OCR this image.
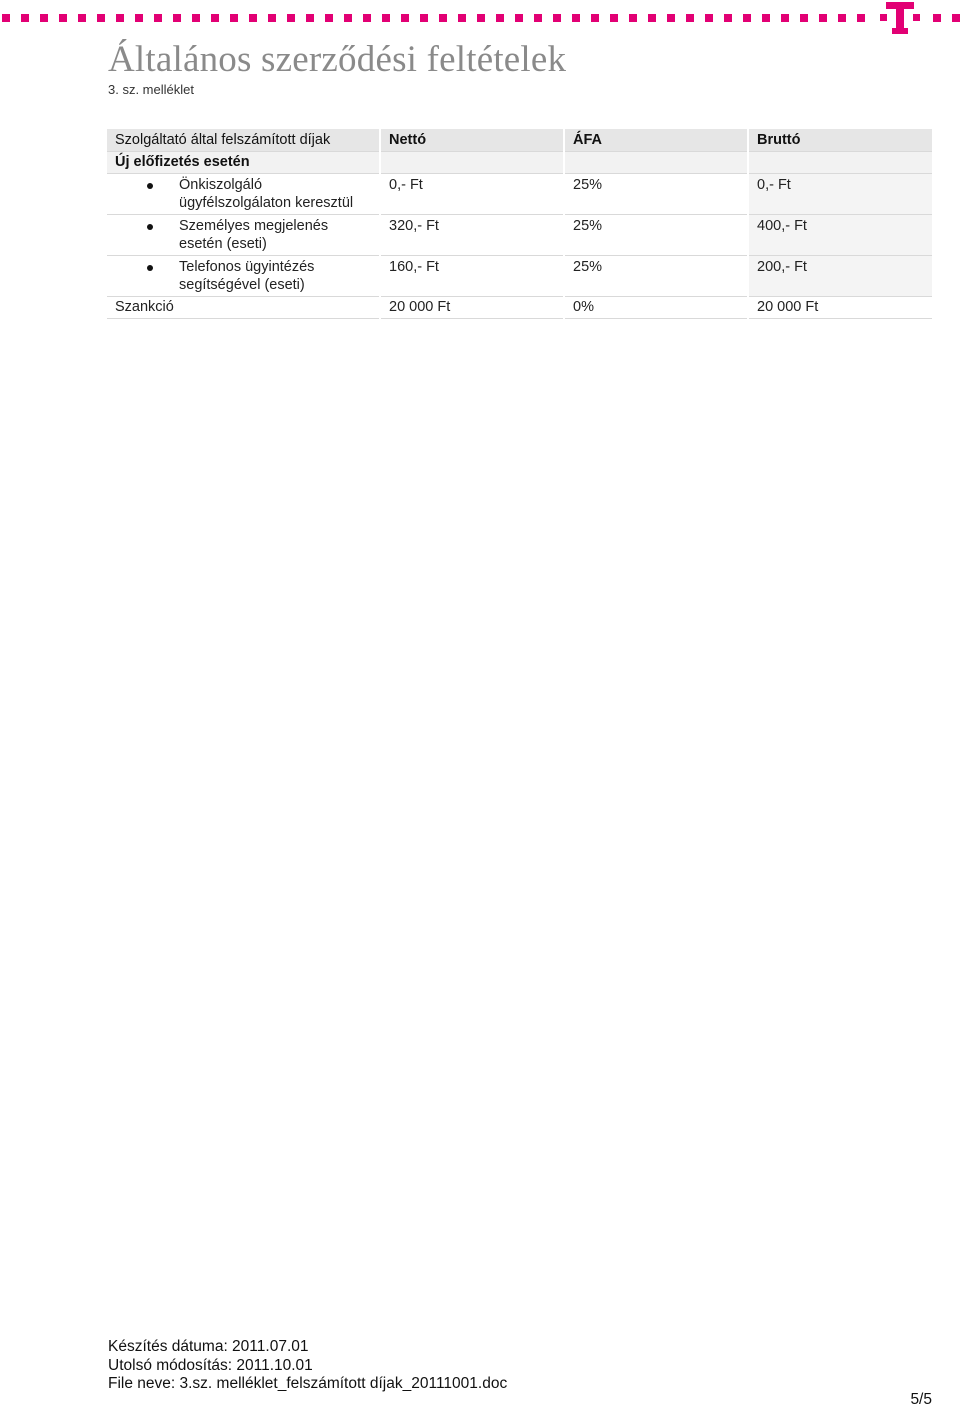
Általános szerződési feltételek
3. sz. melléklet
Szolgáltató által felszámított díjak	Nettó	ÁFA	Bruttó
Új előfizetés esetén			

Önkiszolgáló
ügyfélszolgálaton keresztül	0,- Ft	25%	0,- Ft

Személyes megjelenés
esetén (eseti)	320,- Ft	25%	400,- Ft

Telefonos ügyintézés
segítségével (eseti)	160,- Ft	25%	200,- Ft
Szankció	20 000 Ft	0%	20 000 Ft
Készítés dátuma: 2011.07.01
Utolsó módosítás: 2011.10.01
File neve: 3.sz. melléklet_felszámított díjak_20111001.doc
5/5
